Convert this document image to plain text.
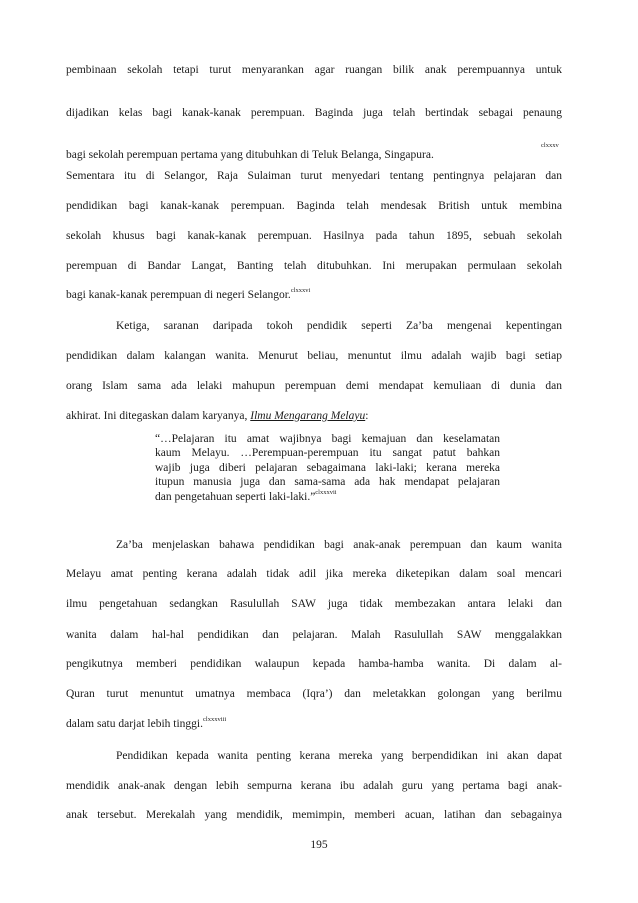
pembinaan sekolah tetapi turut menyarankan agar ruangan bilik anak perempuannya untuk
dijadikan kelas bagi kanak-kanak perempuan. Baginda juga telah bertindak sebagai penaung
bagi sekolah perempuan pertama yang ditubuhkan di Teluk Belanga, Singapura.
clxxxv
Sementara itu di Selangor, Raja Sulaiman turut menyedari tentang pentingnya pelajaran dan
pendidikan bagi kanak-kanak perempuan. Baginda telah mendesak British untuk membina
sekolah khusus bagi kanak-kanak perempuan. Hasilnya pada tahun 1895, sebuah sekolah
perempuan di Bandar Langat, Banting telah ditubuhkan. Ini merupakan permulaan sekolah
bagi kanak-kanak perempuan di negeri Selangor.$^{clxxxvi}$
Ketiga, saranan daripada tokoh pendidik seperti Za’ba mengenai kepentingan
pendidikan dalam kalangan wanita. Menurut beliau, menuntut ilmu adalah wajib bagi setiap
orang Islam sama ada lelaki mahupun perempuan demi mendapat kemuliaan di dunia dan
akhirat. Ini ditegaskan dalam karyanya, Ilmu Mengarang Melayu:
“…Pelajaran itu amat wajibnya bagi kemajuan dan keselamatan
kaum Melayu. …Perempuan-perempuan itu sangat patut bahkan
wajib juga diberi pelajaran sebagaimana laki-laki; kerana mereka
itupun manusia juga dan sama-sama ada hak mendapat pelajaran
dan pengetahuan seperti laki-laki.”$^{clxxxvii}$
Za’ba menjelaskan bahawa pendidikan bagi anak-anak perempuan dan kaum wanita
Melayu amat penting kerana adalah tidak adil jika mereka diketepikan dalam soal mencari
ilmu pengetahuan sedangkan Rasulullah SAW juga tidak membezakan antara lelaki dan
wanita dalam hal-hal pendidikan dan pelajaran. Malah Rasulullah SAW menggalakkan
pengikutnya memberi pendidikan walaupun kepada hamba-hamba wanita. Di dalam al-
Quran turut menuntut umatnya membaca (Iqra’) dan meletakkan golongan yang berilmu
dalam satu darjat lebih tinggi.$^{clxxxviii}$
Pendidikan kepada wanita penting kerana mereka yang berpendidikan ini akan dapat
mendidik anak-anak dengan lebih sempurna kerana ibu adalah guru yang pertama bagi anak-
anak tersebut. Merekalah yang mendidik, memimpin, memberi acuan, latihan dan sebagainya
195
